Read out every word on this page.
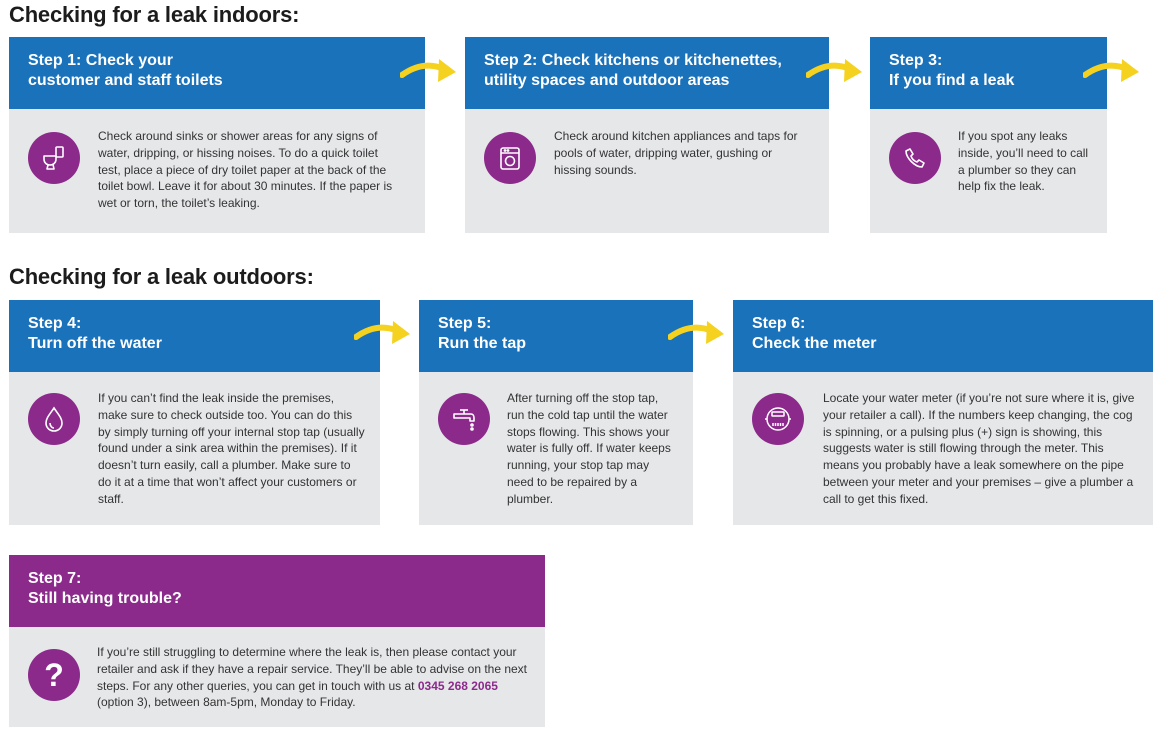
Checking for a leak indoors:
Checking for a leak outdoors:
Step 1: Check your
customer and staff toilets
Check around sinks or shower areas for any signs of water, dripping, or hissing noises. To do a quick toilet test, place a piece of dry toilet paper at the back of the toilet bowl. Leave it for about 30 minutes. If the paper is wet or torn, the toilet’s leaking.
Step 2: Check kitchens or kitchenettes,
utility spaces and outdoor areas
Check around kitchen appliances and taps for pools of water, dripping water, gushing or hissing sounds.
Step 3:
If you find a leak
If you spot any leaks inside, you’ll need to call a plumber so they can help fix the leak.
Step 4:
Turn off the water
If you can’t find the leak inside the premises, make sure to check outside too. You can do this by simply turning off your internal stop tap (usually found under a sink area within the premises). If it doesn’t turn easily, call a plumber. Make sure to do it at a time that won’t affect your customers or staff.
Step 5:
Run the tap
After turning off the stop tap, run the cold tap until the water stops flowing. This shows your water is fully off. If water keeps running, your stop tap may need to be repaired by a plumber.
Step 6:
Check the meter
Locate your water meter (if you’re not sure where it is, give your retailer a call). If the numbers keep changing, the cog is spinning, or a pulsing plus (+) sign is showing, this suggests water is still flowing through the meter. This means you probably have a leak somewhere on the pipe between your meter and your premises – give a plumber a call to get this fixed.
Step 7:
Still having trouble?
?
If you’re still struggling to determine where the leak is, then please contact your retailer and ask if they have a repair service. They’ll be able to advise on the next steps. For any other queries, you can get in touch with us at 0345 268 2065 (option 3), between 8am-5pm, Monday to Friday.
